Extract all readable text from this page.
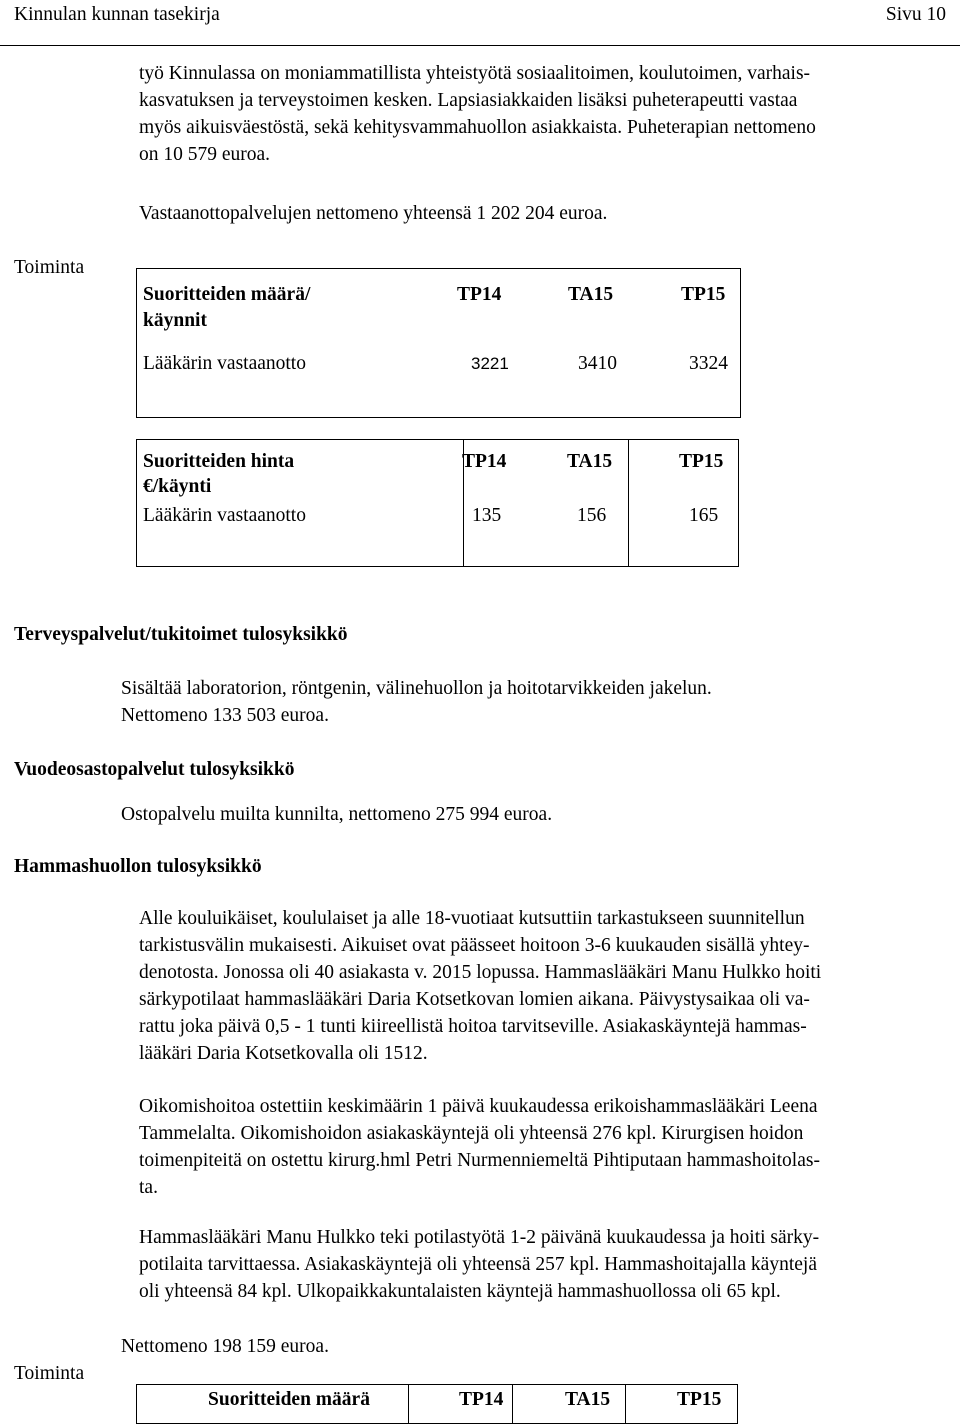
Kinnulan kunnan tasekirja	Sivu 10
työ Kinnulassa on moniammatillista yhteistyötä sosiaalitoimen, koulutoimen, varhais-
kasvatuksen ja terveystoimen kesken. Lapsiasiakkaiden lisäksi puheterapeutti vastaa
myös aikuisväestöstä, sekä kehitysvammahuollon asiakkaista. Puheterapian nettomeno
on 10 579 euroa.
Vastaanottopalvelujen nettomeno yhteensä 1 202 204 euroa.
Toiminta
Suoritteiden määrä/
käynnit
TP14	TA15	TP15
Lääkärin vastaanotto	3221	3410	3324
Suoritteiden hinta
€/käynti
TP14	TA15	TP15
Lääkärin vastaanotto	135	156	165
Terveyspalvelut/tukitoimet tulosyksikkö
Sisältää laboratorion, röntgenin, välinehuollon ja hoitotarvikkeiden jakelun.
Nettomeno 133 503 euroa.
Vuodeosastopalvelut tulosyksikkö
Ostopalvelu muilta kunnilta, nettomeno 275 994 euroa.
Hammashuollon tulosyksikkö
Alle kouluikäiset, koululaiset ja alle 18-vuotiaat kutsuttiin tarkastukseen suunnitellun
tarkistusvälin mukaisesti. Aikuiset ovat päässeet hoitoon 3-6 kuukauden sisällä yhtey-
denotosta. Jonossa oli 40 asiakasta v. 2015 lopussa. Hammaslääkäri Manu Hulkko hoiti
särkypotilaat hammaslääkäri Daria Kotsetkovan lomien aikana. Päivystysaikaa oli va-
rattu joka päivä 0,5 - 1 tunti kiireellistä hoitoa tarvitseville. Asiakaskäyntejä hammas-
lääkäri Daria Kotsetkovalla oli 1512.
Oikomishoitoa ostettiin keskimäärin 1 päivä kuukaudessa erikoishammaslääkäri Leena
Tammelalta. Oikomishoidon asiakaskäyntejä oli yhteensä 276 kpl. Kirurgisen hoidon
toimenpiteitä on ostettu kirurg.hml Petri Nurmenniemeltä Pihtiputaan hammashoitolas-
ta.
Hammaslääkäri Manu Hulkko teki potilastyötä 1-2 päivänä kuukaudessa ja hoiti särky-
potilaita tarvittaessa. Asiakaskäyntejä oli yhteensä 257 kpl. Hammashoitajalla käyntejä
oli yhteensä 84 kpl. Ulkopaikkakuntalaisten käyntejä hammashuollossa oli 65 kpl.
Nettomeno 198 159 euroa.
Toiminta
Suoritteiden määrä	TP14	TA15	TP15
